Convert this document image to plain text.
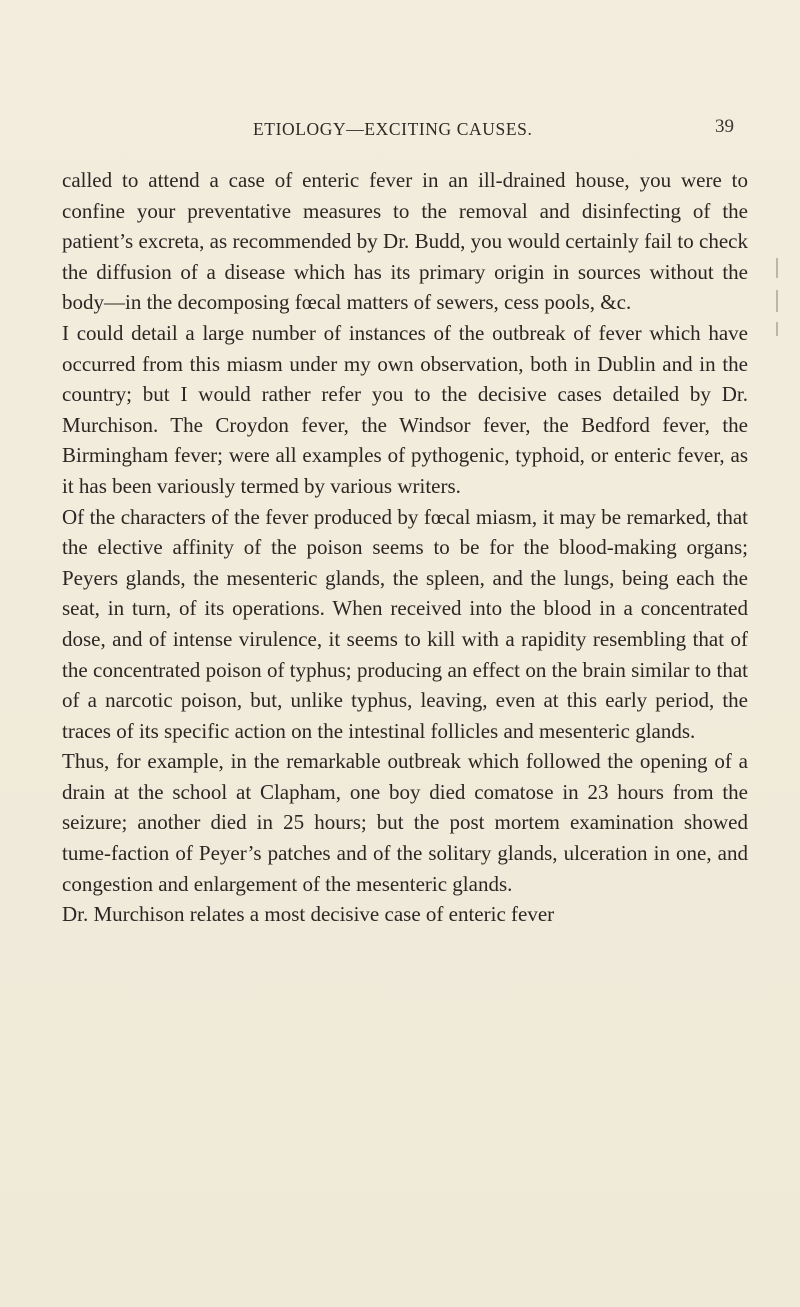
ETIOLOGY—EXCITING CAUSES.	39

called to attend a case of enteric fever in an ill-drained house, you were to confine your preventative measures to the removal and disinfecting of the patient’s excreta, as recommended by Dr. Budd, you would certainly fail to check the diffusion of a disease which has its primary origin in sources without the body—in the decomposing fœcal matters of sewers, cess pools, &c.

I could detail a large number of instances of the outbreak of fever which have occurred from this miasm under my own observation, both in Dublin and in the country; but I would rather refer you to the decisive cases detailed by Dr. Murchison. The Croydon fever, the Windsor fever, the Bedford fever, the Birmingham fever; were all examples of pythogenic, typhoid, or enteric fever, as it has been variously termed by various writers.

Of the characters of the fever produced by fœcal miasm, it may be remarked, that the elective affinity of the poison seems to be for the blood-making organs; Peyers glands, the mesenteric glands, the spleen, and the lungs, being each the seat, in turn, of its operations. When received into the blood in a concentrated dose, and of intense virulence, it seems to kill with a rapidity resembling that of the concentrated poison of typhus; producing an effect on the brain similar to that of a narcotic poison, but, unlike typhus, leaving, even at this early period, the traces of its specific action on the intestinal follicles and mesenteric glands.

Thus, for example, in the remarkable outbreak which followed the opening of a drain at the school at Clapham, one boy died comatose in 23 hours from the seizure; another died in 25 hours; but the post mortem examination showed tume-faction of Peyer’s patches and of the solitary glands, ulceration in one, and congestion and enlargement of the mesenteric glands.

Dr. Murchison relates a most decisive case of enteric fever
